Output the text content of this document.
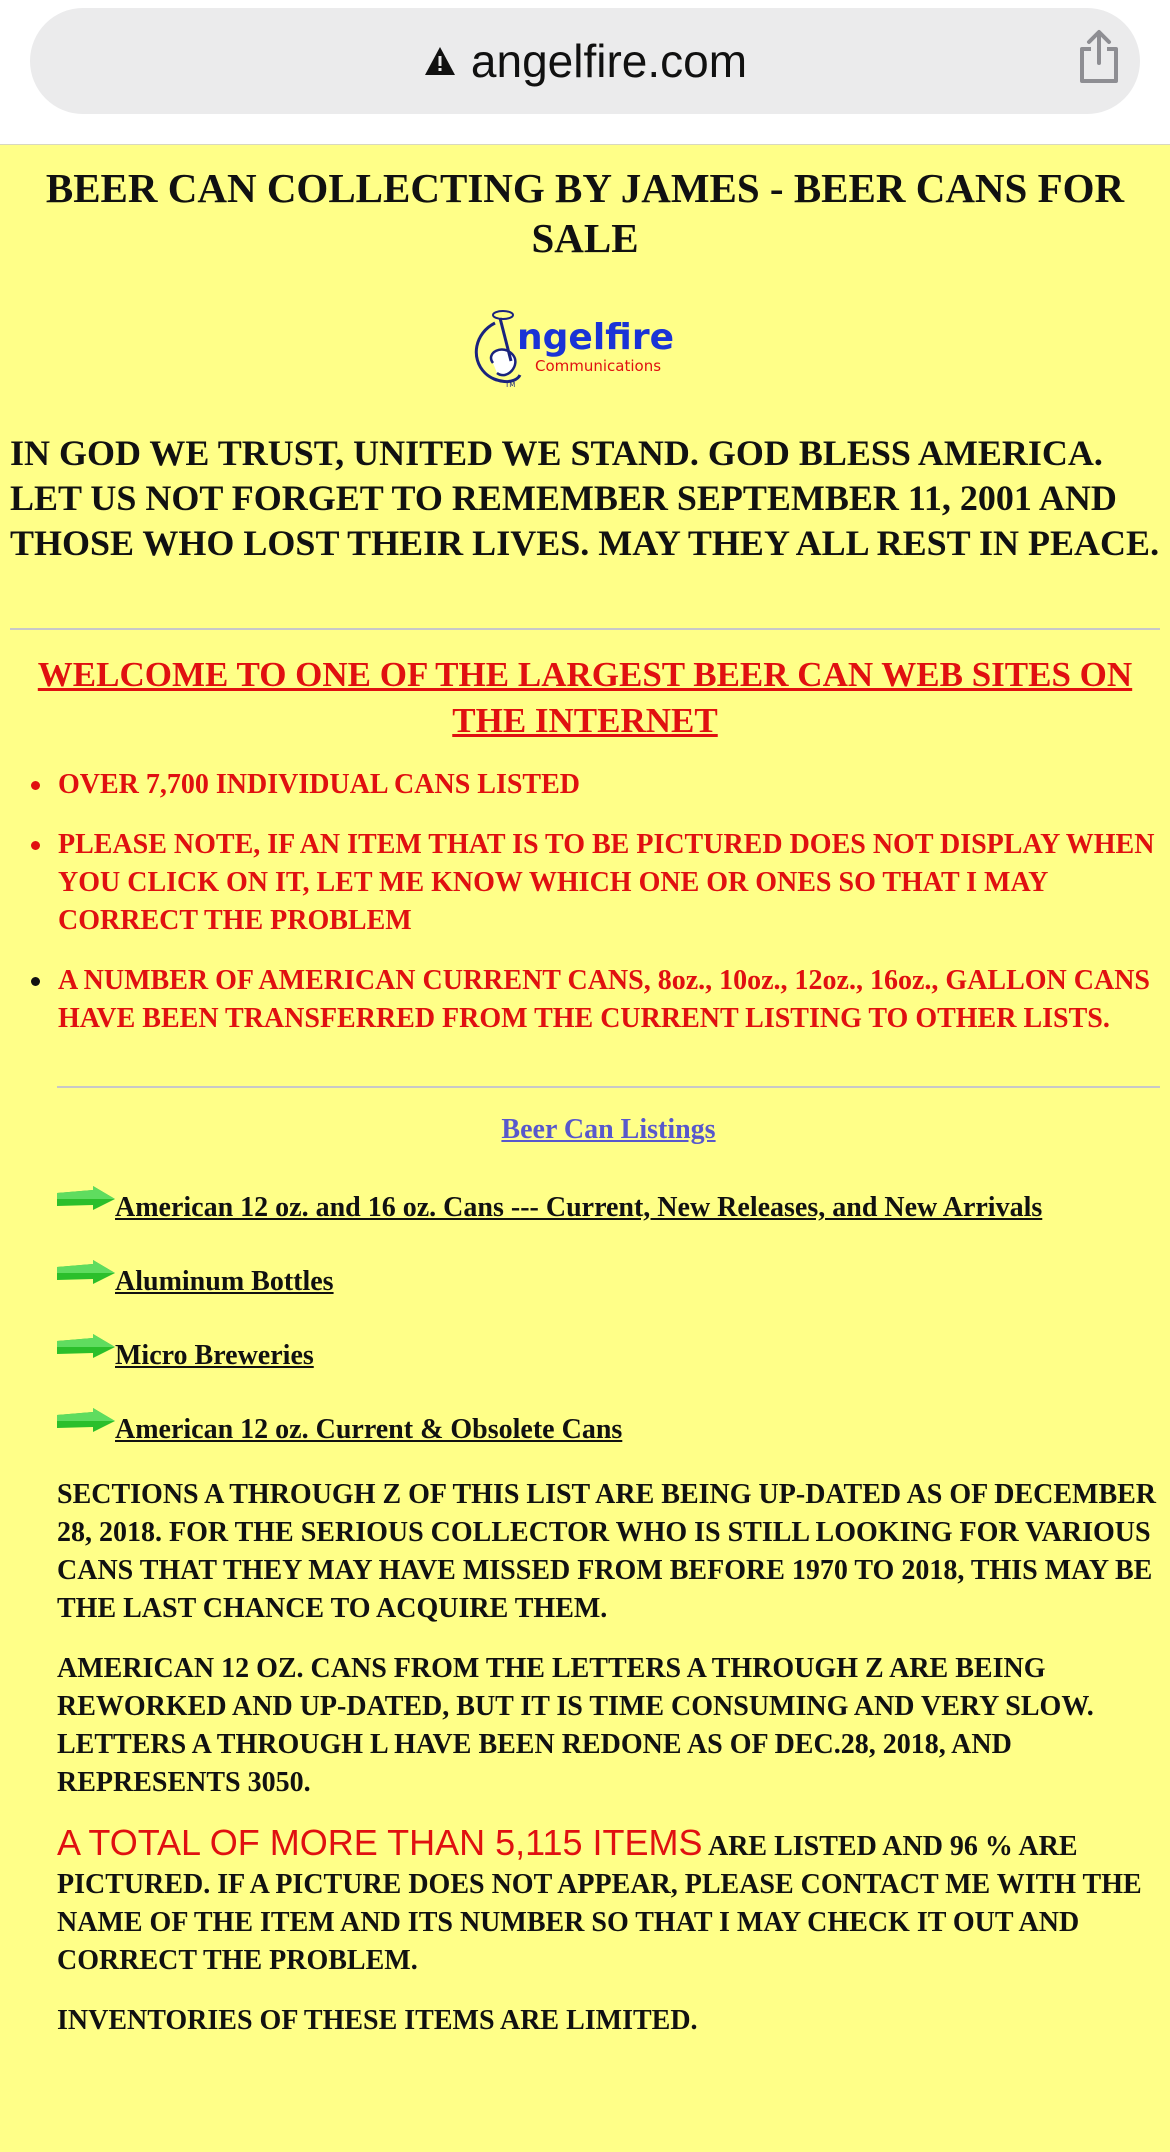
angelfire.com
BEER CAN COLLECTING BY JAMES - BEER CANS FOR SALE
ngelfire
Communications
TM

IN GOD WE TRUST, UNITED WE STAND. GOD BLESS AMERICA. LET US NOT FORGET TO REMEMBER SEPTEMBER 11, 2001 AND THOSE WHO LOST THEIR LIVES. MAY THEY ALL REST IN PEACE.

WELCOME TO ONE OF THE LARGEST BEER CAN WEB SITES ON THE INTERNET
OVER 7,700 INDIVIDUAL CANS LISTED
PLEASE NOTE, IF AN ITEM THAT IS TO BE PICTURED DOES NOT DISPLAY WHEN YOU CLICK ON IT, LET ME KNOW WHICH ONE OR ONES SO THAT I MAY CORRECT THE PROBLEM
A NUMBER OF AMERICAN CURRENT CANS, 8oz., 10oz., 12oz., 16oz., GALLON CANS HAVE BEEN TRANSFERRED FROM THE CURRENT LISTING TO OTHER LISTS.
Beer Can Listings
American 12 oz. and 16 oz. Cans --- Current, New Releases, and New Arrivals
Aluminum Bottles
Micro Breweries
American 12 oz. Current & Obsolete Cans

SECTIONS A THROUGH Z OF THIS LIST ARE BEING UP-DATED AS OF DECEMBER 28, 2018. FOR THE SERIOUS COLLECTOR WHO IS STILL LOOKING FOR VARIOUS CANS THAT THEY MAY HAVE MISSED FROM BEFORE 1970 TO 2018, THIS MAY BE THE LAST CHANCE TO ACQUIRE THEM.

AMERICAN 12 OZ. CANS FROM THE LETTERS A THROUGH Z ARE BEING REWORKED AND UP-DATED, BUT IT IS TIME CONSUMING AND VERY SLOW. LETTERS A THROUGH L HAVE BEEN REDONE AS OF DEC.28, 2018, AND REPRESENTS 3050.

A TOTAL OF MORE THAN 5,115 ITEMS ARE LISTED AND 96 % ARE PICTURED. IF A PICTURE DOES NOT APPEAR, PLEASE CONTACT ME WITH THE NAME OF THE ITEM AND ITS NUMBER SO THAT I MAY CHECK IT OUT AND CORRECT THE PROBLEM.

INVENTORIES OF THESE ITEMS ARE LIMITED.
